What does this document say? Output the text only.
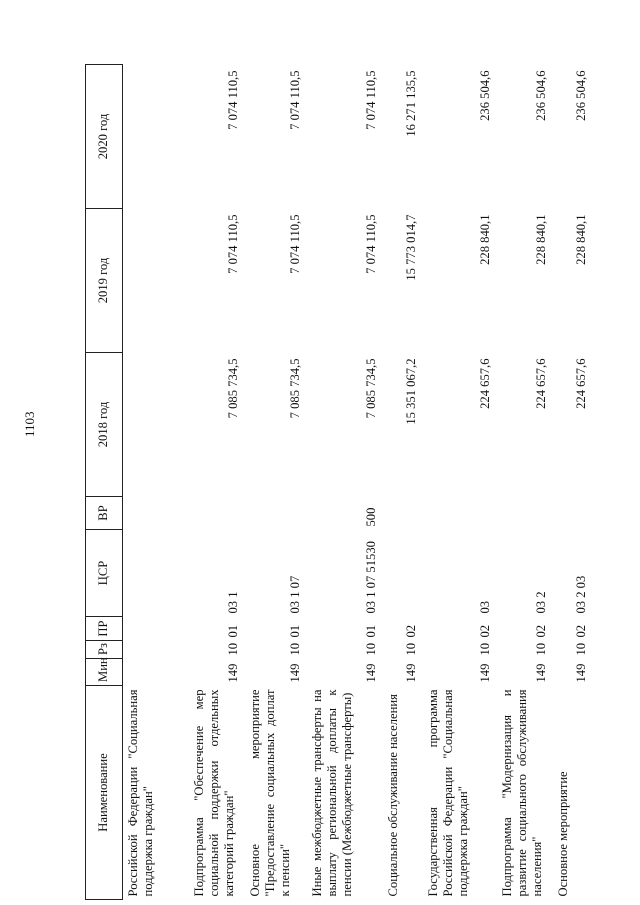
1103
Наименование	Мин	Рз	ПР	ЦСР	ВР	2018 год	2019 год	2020 год
Российской Федерации "Социальная поддержка граждан"								
Подпрограмма "Обеспечение мер социальной поддержки отдельных категорий граждан"	149	10	01	03 1		7 085 734,5	7 074 110,5	7 074 110,5
Основное мероприятие "Предоставление социальных доплат к пенсии"	149	10	01	03 1 07		7 085 734,5	7 074 110,5	7 074 110,5
Иные межбюджетные трансферты на выплату региональной доплаты к пенсии (Межбюджетные трансферты)	149	10	01	03 1 07 51530	500	7 085 734,5	7 074 110,5	7 074 110,5
Социальное обслуживание населения	149	10	02			15 351 067,2	15 773 014,7	16 271 135,5
Государственная программа Российской Федерации "Социальная поддержка граждан"	149	10	02	03		224 657,6	228 840,1	236 504,6
Подпрограмма "Модернизация и развитие социального обслуживания населения"	149	10	02	03 2		224 657,6	228 840,1	236 504,6
Основное мероприятие	149	10	02	03 2 03		224 657,6	228 840,1	236 504,6
